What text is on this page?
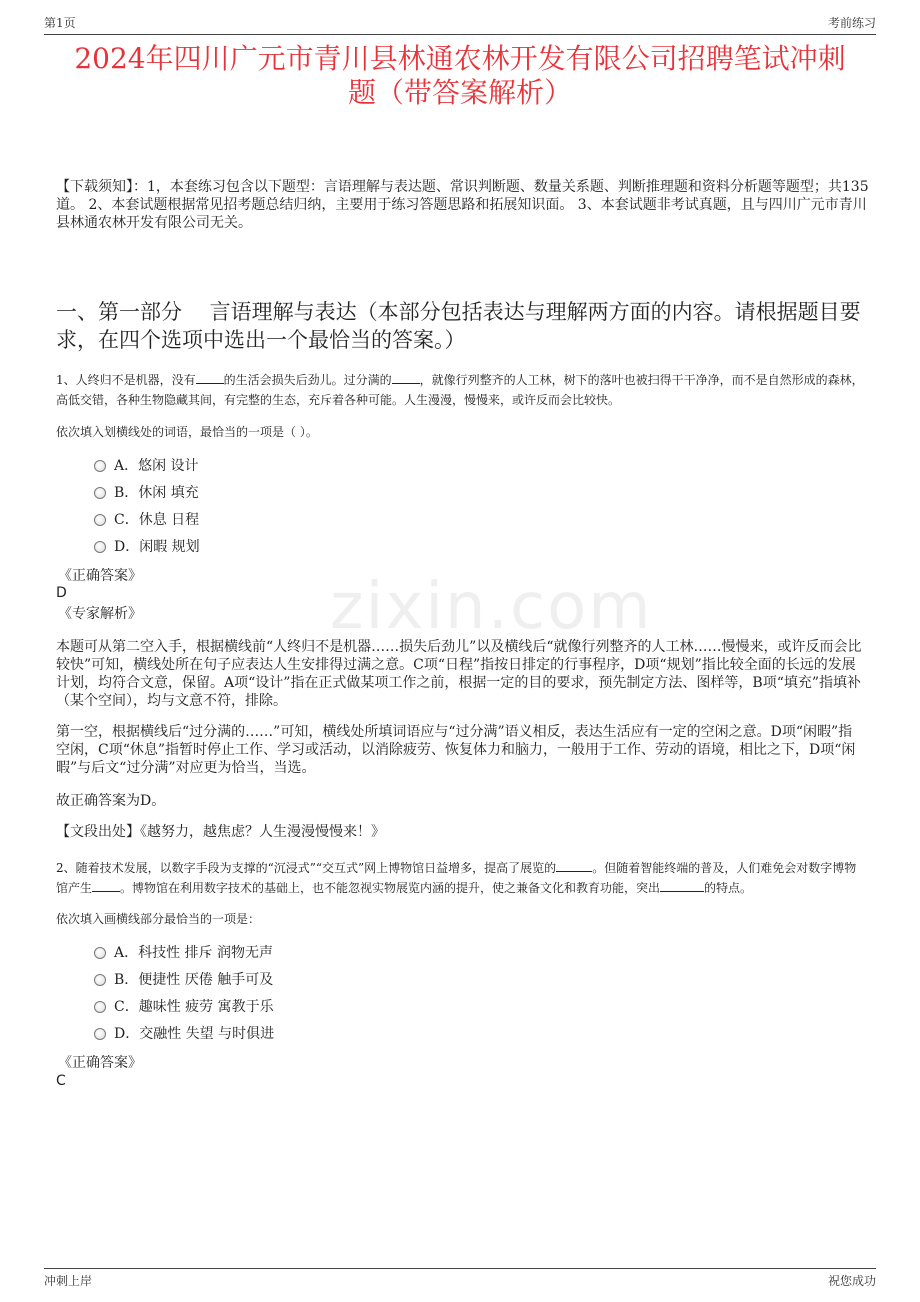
第1页	考前练习
2024年四川广元市青川县林通农林开发有限公司招聘笔试冲刺
题（带答案解析）
【下载须知】：1，本套练习包含以下题型：言语理解与表达题、常识判断题、数量关系题、判断推理题和资料分析题等题型；共135道。 2、本套试题根据常见招考题总结归纳，主要用于练习答题思路和拓展知识面。 3、本套试题非考试真题，且与四川广元市青川县林通农林开发有限公司无关。
一、第一部分　 言语理解与表达（本部分包括表达与理解两方面的内容。请根据题目要求，在四个选项中选出一个最恰当的答案。）
zixin.com
1、人终归不是机器，没有 的生活会损失后劲儿。过分满的 ，就像行列整齐的人工林，树下的落叶也被扫得干干净净，而不是自然形成的森林，高低交错，各种生物隐藏其间，有完整的生态，充斥着各种可能。人生漫漫，慢慢来，或许反而会比较快。
依次填入划横线处的词语，最恰当的一项是（ ）。
A．悠闲 设计
B．休闲 填充
C．休息 日程
D．闲暇 规划
《正确答案》
D
《专家解析》
本题可从第二空入手，根据横线前“人终归不是机器……损失后劲儿”以及横线后“就像行列整齐的人工林……慢慢来，或许反而会比较快”可知，横线处所在句子应表达人生安排得过满之意。C项“日程”指按日排定的行事程序，D项“规划”指比较全面的长远的发展计划，均符合文意，保留。A项“设计”指在正式做某项工作之前，根据一定的目的要求，预先制定方法、图样等，B项“填充”指填补（某个空间），均与文意不符，排除。
第一空，根据横线后“过分满的……”可知，横线处所填词语应与“过分满”语义相反，表达生活应有一定的空闲之意。D项“闲暇”指空闲，C项“休息”指暂时停止工作、学习或活动，以消除疲劳、恢复体力和脑力，一般用于工作、劳动的语境，相比之下，D项“闲暇”与后文“过分满”对应更为恰当，当选。
故正确答案为D。
【文段出处】《越努力，越焦虑？人生漫漫慢慢来！》
2、随着技术发展，以数字手段为支撑的“沉浸式”“交互式”网上博物馆日益增多，提高了展览的	。但随着智能终端的普及，人们难免会对数字博物馆产生 。博物馆在利用数字技术的基础上，也不能忽视实物展览内涵的提升，使之兼备文化和教育功能，突出	的特点。
依次填入画横线部分最恰当的一项是：
A．科技性 排斥 润物无声
B．便捷性 厌倦 触手可及
C．趣味性 疲劳 寓教于乐
D．交融性 失望 与时俱进
《正确答案》
C
冲刺上岸	祝您成功
